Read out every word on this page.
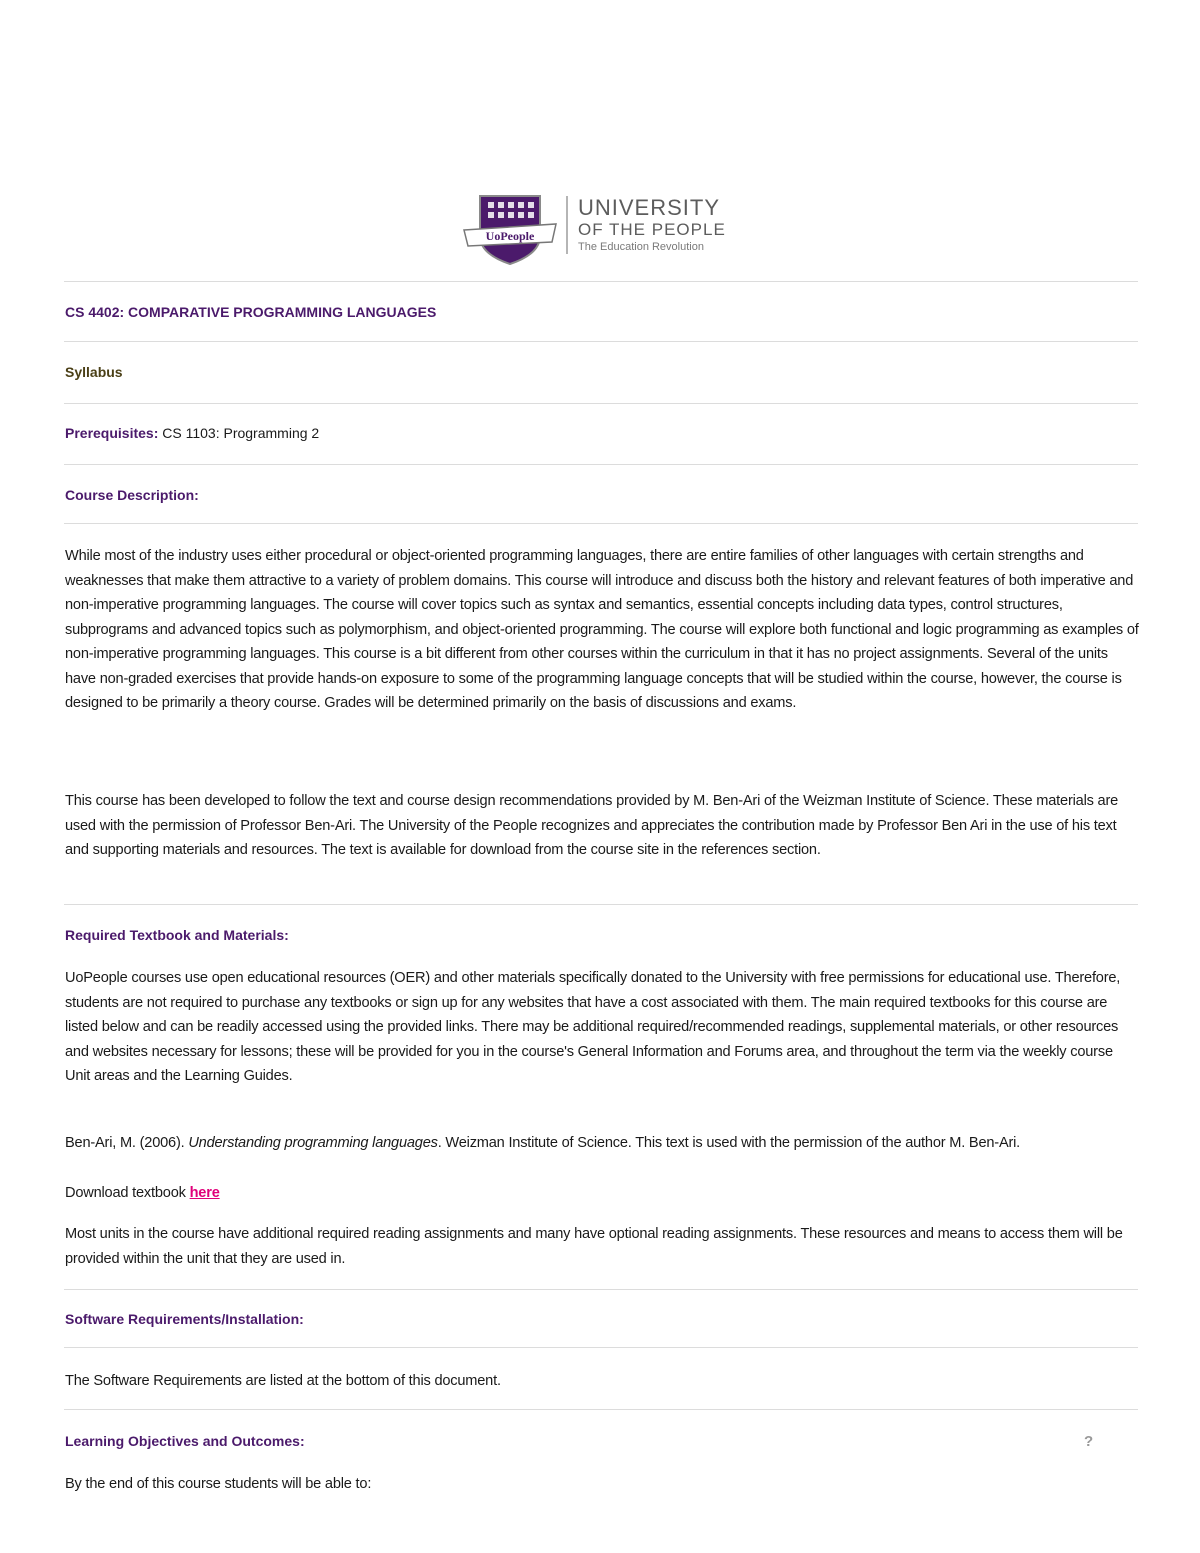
UoPeople
UNIVERSITY
OF THE PEOPLE
The Education Revolution
CS 4402: COMPARATIVE PROGRAMMING LANGUAGES
Syllabus
Prerequisites: CS 1103: Programming 2
Course Description:
While most of the industry uses either procedural or object-oriented programming languages, there are entire families of other languages with certain strengths and weaknesses that make them attractive to a variety of problem domains. This course will introduce and discuss both the history and relevant features of both imperative and non-imperative programming languages. The course will cover topics such as syntax and semantics, essential concepts including data types, control structures, subprograms and advanced topics such as polymorphism, and object-oriented programming. The course will explore both functional and logic programming as examples of non-imperative programming languages. This course is a bit different from other courses within the curriculum in that it has no project assignments. Several of the units have non-graded exercises that provide hands-on exposure to some of the programming language concepts that will be studied within the course, however, the course is designed to be primarily a theory course. Grades will be determined primarily on the basis of discussions and exams.
This course has been developed to follow the text and course design recommendations provided by M. Ben-Ari of the Weizman Institute of Science. These materials are used with the permission of Professor Ben-Ari. The University of the People recognizes and appreciates the contribution made by Professor Ben Ari in the use of his text and supporting materials and resources. The text is available for download from the course site in the references section.
Required Textbook and Materials:
UoPeople courses use open educational resources (OER) and other materials specifically donated to the University with free permissions for educational use. Therefore, students are not required to purchase any textbooks or sign up for any websites that have a cost associated with them. The main required textbooks for this course are listed below and can be readily accessed using the provided links. There may be additional required/recommended readings, supplemental materials, or other resources and websites necessary for lessons; these will be provided for you in the course's General Information and Forums area, and throughout the term via the weekly course Unit areas and the Learning Guides.
Ben-Ari, M. (2006). Understanding programming languages. Weizman Institute of Science. This text is used with the permission of the author M. Ben-Ari.
Download textbook here
Most units in the course have additional required reading assignments and many have optional reading assignments. These resources and means to access them will be provided within the unit that they are used in.
Software Requirements/Installation:
The Software Requirements are listed at the bottom of this document.
Learning Objectives and Outcomes:	?
By the end of this course students will be able to:
